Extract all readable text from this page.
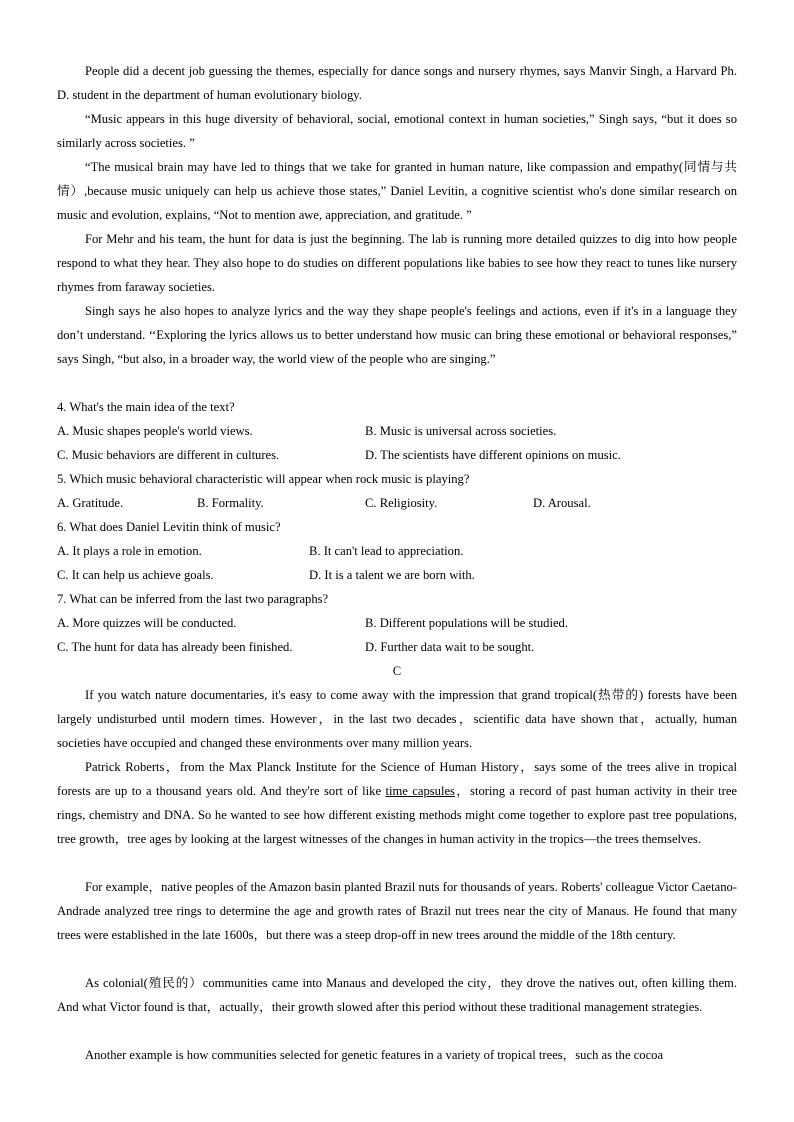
People did a decent job guessing the themes, especially for dance songs and nursery rhymes, says Manvir Singh, a Harvard Ph. D. student in the department of human evolutionary biology.

“Music appears in this huge diversity of behavioral, social, emotional context in human societies,” Singh says, “but it does so similarly across societies. ”

“The musical brain may have led to things that we take for granted in human nature, like compassion and empathy(同情与共情）,because music uniquely can help us achieve those states,” Daniel Levitin, a cognitive scientist who's done similar research on music and evolution, explains, “Not to mention awe, appreciation, and gratitude. ”

For Mehr and his team, the hunt for data is just the beginning. The lab is running more detailed quizzes to dig into how people respond to what they hear. They also hope to do studies on different populations like babies to see how they react to tunes like nursery rhymes from faraway societies.

Singh says he also hopes to analyze lyrics and the way they shape people's feelings and actions, even if it's in a language they don’t understand. ‘‘Exploring the lyrics allows us to better understand how music can bring these emotional or behavioral responses,” says Singh, “but also, in a broader way, the world view of the people who are singing.”

4. What's the main idea of the text?

A. Music shapes people's world views.	B. Music is universal across societies.

C. Music behaviors are different in cultures.	D. The scientists have different opinions on music.

5. Which music behavioral characteristic will appear when rock music is playing?

A. Gratitude.	B. Formality.	C. Religiosity.	D. Arousal.

6. What does Daniel Levitin think of music?

A. It plays a role in emotion.	B. It can't lead to appreciation.

C. It can help us achieve goals.	D. It is a talent we are born with.

7. What can be inferred from the last two paragraphs?

A. More quizzes will be conducted.	B. Different populations will be studied.

C. The hunt for data has already been finished.	D. Further data wait to be sought.

C

If you watch nature documentaries, it's easy to come away with the impression that grand tropical(热带的) forests have been largely undisturbed until modern times. However，in the last two decades，scientific data have shown that，actually, human societies have occupied and changed these environments over many million years.

Patrick Roberts，from the Max Planck Institute for the Science of Human History，says some of the trees alive in tropical forests are up to a thousand years old. And they're sort of like time capsules，storing a record of past human activity in their tree rings, chemistry and DNA. So he wanted to see how different existing methods might come together to explore past tree populations, tree growth，tree ages by looking at the largest witnesses of the changes in human activity in the tropics—the trees themselves.

For example，native peoples of the Amazon basin planted Brazil nuts for thousands of years. Roberts' colleague Victor Caetano-Andrade analyzed tree rings to determine the age and growth rates of Brazil nut trees near the city of Manaus. He found that many trees were established in the late 1600s，but there was a steep drop-off in new trees around the middle of the 18th century.

As colonial(殖民的）communities came into Manaus and developed the city，they drove the natives out, often killing them. And what Victor found is that，actually，their growth slowed after this period without these traditional management strategies.

Another example is how communities selected for genetic features in a variety of tropical trees，such as the cocoa
